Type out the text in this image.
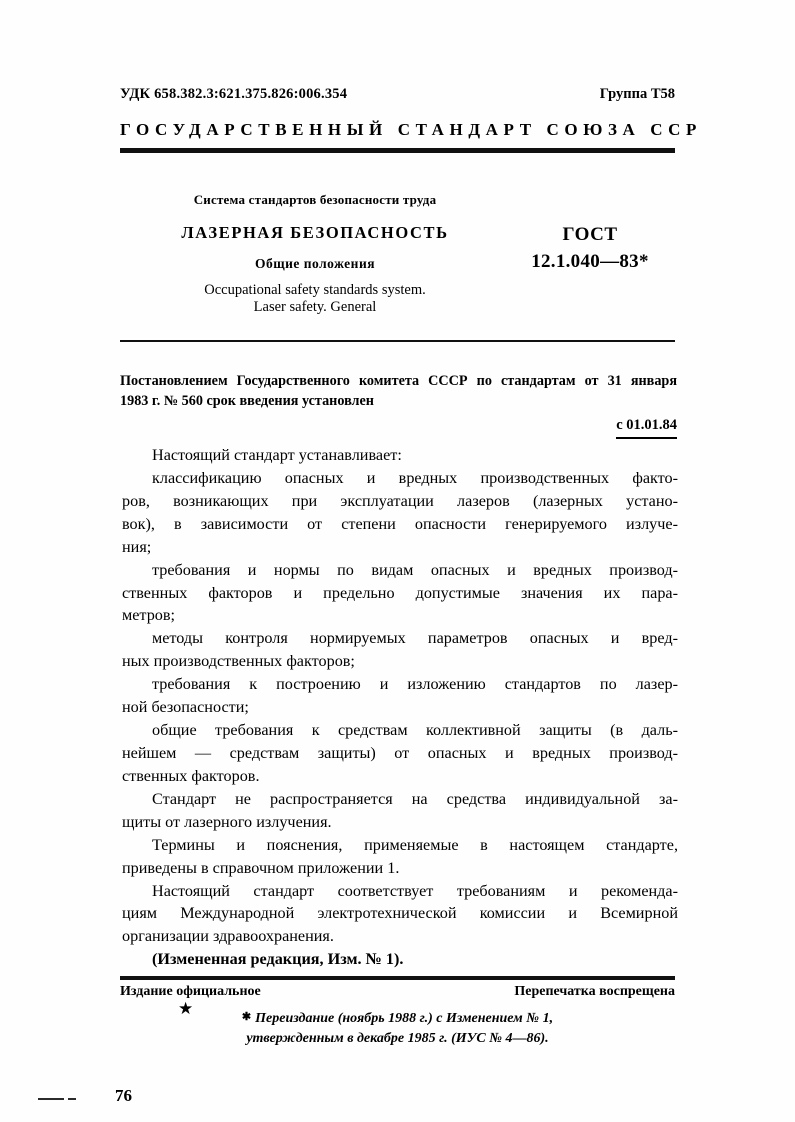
УДК 658.382.3:621.375.826:006.354	Группа Т58
ГОСУДАРСТВЕННЫЙ СТАНДАРТ СОЮЗА ССР
Система стандартов безопасности труда
ЛАЗЕРНАЯ БЕЗОПАСНОСТЬ
Общие положения
Occupational safety standards system.
Laser safety. General
ГОСТ
12.1.040—83*
Постановлением Государственного комитета СССР по стандартам от 31 января
1983 г. № 560 срок введения установлен
с 01.01.84

Настоящий стандарт устанавливает:

классификацию опасных и вредных производственных факто-
ров, возникающих при эксплуатации лазеров (лазерных устано-
вок), в зависимости от степени опасности генерируемого излуче-
ния;

требования и нормы по видам опасных и вредных производ-
ственных факторов и предельно допустимые значения их пара-
метров;

методы контроля нормируемых параметров опасных и вред-
ных производственных факторов;

требования к построению и изложению стандартов по лазер-
ной безопасности;

общие требования к средствам коллективной защиты (в даль-
нейшем — средствам защиты) от опасных и вредных производ-
ственных факторов.

Стандарт не распространяется на средства индивидуальной за-
щиты от лазерного излучения.

Термины и пояснения, применяемые в настоящем стандарте,
приведены в справочном приложении 1.

Настоящий стандарт соответствует требованиям и рекоменда-
циям Международной электротехнической комиссии и Всемирной
организации здравоохранения.

(Измененная редакция, Изм. № 1).

Издание официальное	Перепечатка воспрещена
★	✱ Переиздание (ноябрь 1988 г.) с Изменением № 1,
утвержденным в декабре 1985 г. (ИУС № 4—86).
76
